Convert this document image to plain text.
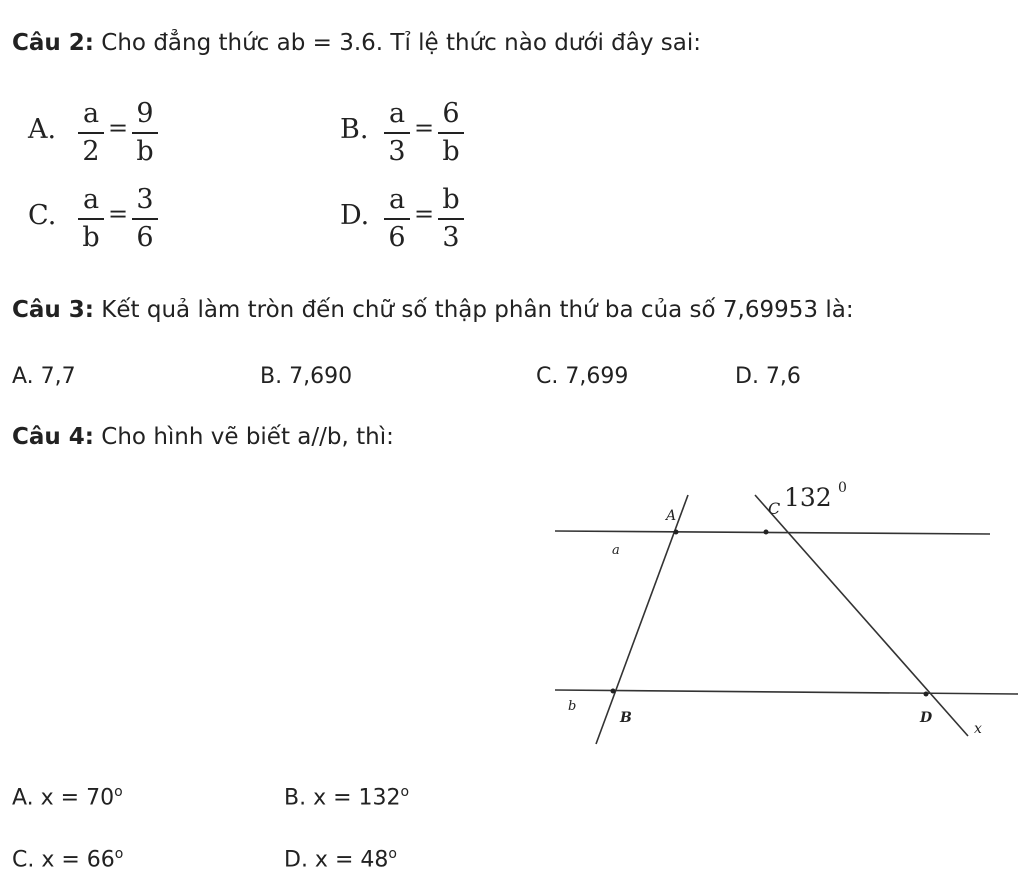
Câu 2: Cho đẳng thức ab = 3.6. Tỉ lệ thức nào dưới đây sai:
A.
a
2
= 9
b
B.
a
3
= 6
b
C.
a
b
= 3
6
D.
a
6
= b
3
Câu 3: Kết quả làm tròn đến chữ số thập phân thứ ba của số 7,69953 là:
A. 7,7	B. 7,690	C. 7,699	D. 7,6
Câu 4: Cho hình vẽ biết a//b, thì:
A	C
a
b
B	D
x
132 0
A. $x = 70^o$	B. $x = 132^o$
C. $x = 66^o$	D. $x = 48^o$
